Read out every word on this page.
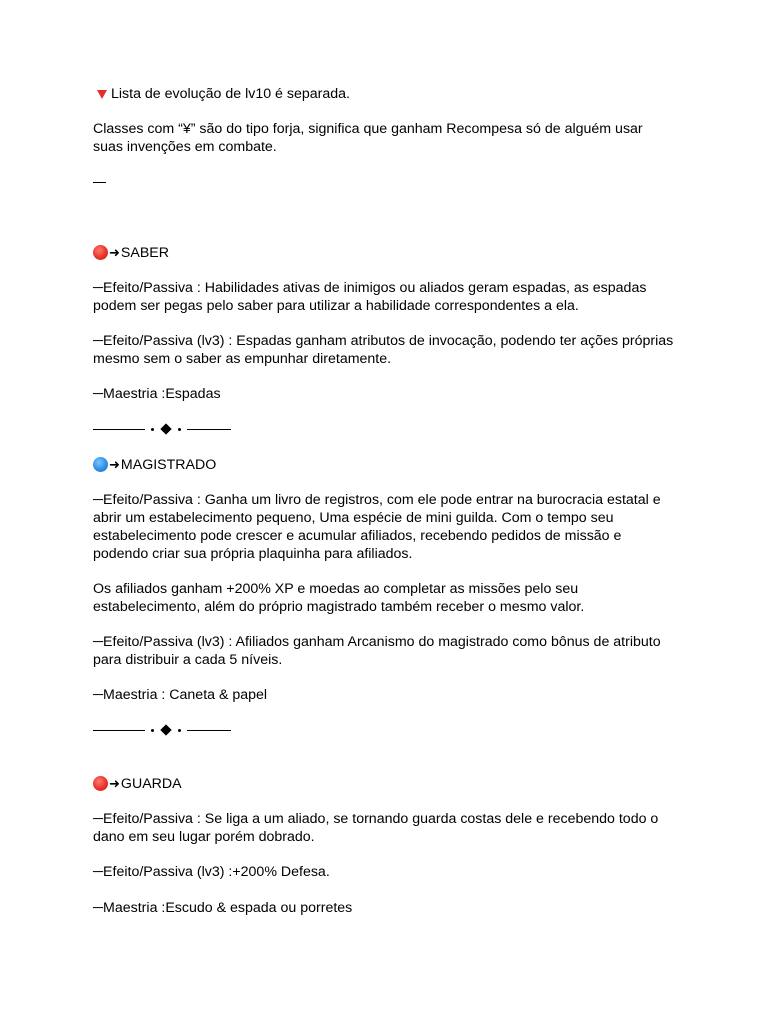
Lista de evolução de lv10 é separada.
Classes com “¥” são do tipo forja, significa que ganham Recompesa só de alguém usar
suas invenções em combate.
➜SABER
─Efeito/Passiva : Habilidades ativas de inimigos ou aliados geram espadas, as espadas
podem ser pegas pelo saber para utilizar a habilidade correspondentes a ela.
─Efeito/Passiva (lv3) : Espadas ganham atributos de invocação, podendo ter ações próprias
mesmo sem o saber as empunhar diretamente.
─Maestria :Espadas
➜MAGISTRADO
─Efeito/Passiva : Ganha um livro de registros, com ele pode entrar na burocracia estatal e
abrir um estabelecimento pequeno, Uma espécie de mini guilda. Com o tempo seu
estabelecimento pode crescer e acumular afiliados, recebendo pedidos de missão e
podendo criar sua própria plaquinha para afiliados.
Os afiliados ganham +200% XP e moedas ao completar as missões pelo seu
estabelecimento, além do próprio magistrado também receber o mesmo valor.
─Efeito/Passiva (lv3) : Afiliados ganham Arcanismo do magistrado como bônus de atributo
para distribuir a cada 5 níveis.
─Maestria : Caneta & papel
➜GUARDA
─Efeito/Passiva : Se liga a um aliado, se tornando guarda costas dele e recebendo todo o
dano em seu lugar porém dobrado.
─Efeito/Passiva (lv3) :+200% Defesa.
─Maestria :Escudo & espada ou porretes
